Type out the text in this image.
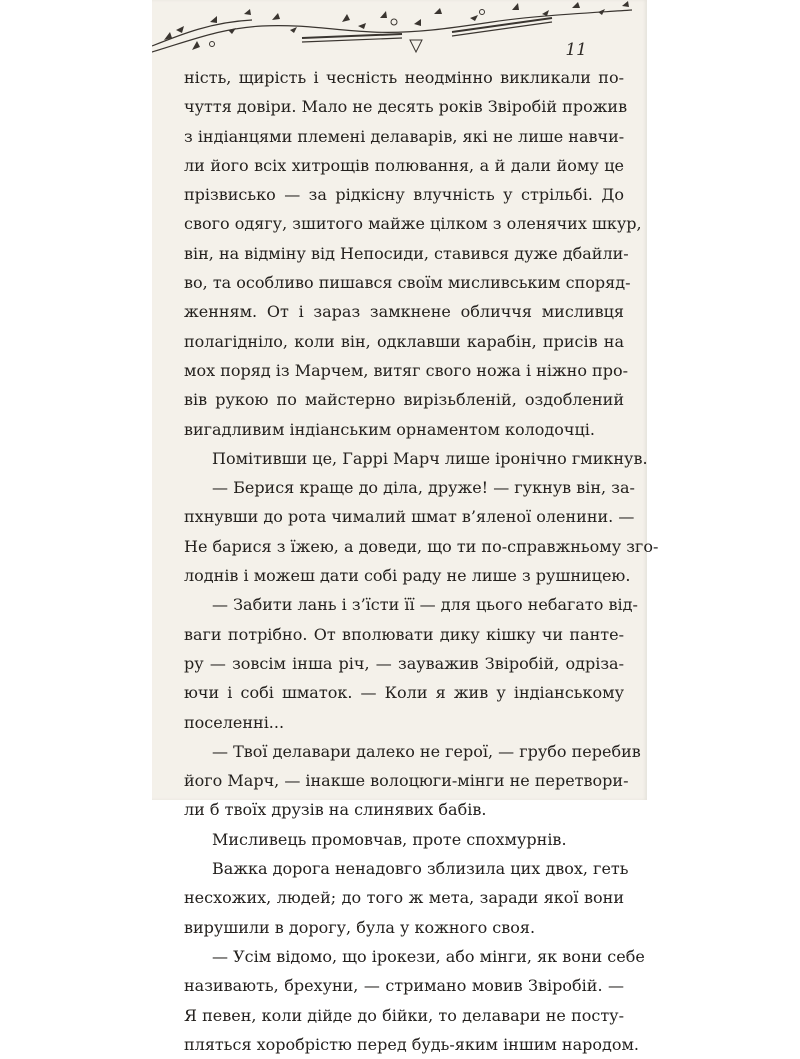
11
ність, щирість і чесність неодмінно викликали по-
чуття довіри. Мало не десять років Звіробій прожив
з індіанцями племені делаварів, які не лише навчи-
ли його всіх хитрощів полювання, а й дали йому це
прізвисько — за рідкісну влучність у стрільбі. До
свого одягу, зшитого майже цілком з оленячих шкур,
він, на відміну від Непосиди, ставився дуже дбайли-
во, та особливо пишався своїм мисливським споряд-
женням. От і зараз замкнене обличчя мисливця
полагідніло, коли він, одклавши карабін, присів на
мох поряд із Марчем, витяг свого ножа і ніжно про-
вів рукою по майстерно вирізьбленій, оздоблений
вигадливим індіанським орнаментом колодочці.
Помітивши це, Гаррі Марч лише іронічно гмикнув.
— Берися краще до діла, друже! — гукнув він, за-
пхнувши до рота чималий шмат в’яленої оленини. —
Не барися з їжею, а доведи, що ти по-справжньому зго-
лоднів і можеш дати собі раду не лише з рушницею.
— Забити лань і з’їсти її — для цього небагато від-
ваги потрібно. От вполювати дику кішку чи панте-
ру — зовсім інша річ, — зауважив Звіробій, одріза-
ючи і собі шматок. — Коли я жив у індіанському
поселенні...
— Твої делавари далеко не герої, — грубо перебив
його Марч, — інакше волоцюги-мінги не перетвори-
ли б твоїх друзів на слинявих бабів.
Мисливець промовчав, проте спохмурнів.
Важка дорога ненадовго зблизила цих двох, геть
несхожих, людей; до того ж мета, заради якої вони
вирушили в дорогу, була у кожного своя.
— Усім відомо, що ірокези, або мінги, як вони себе
називають, брехуни, — стримано мовив Звіробій. —
Я певен, коли дійде до бійки, то делавари не посту-
пляться хоробрістю перед будь-яким іншим народом.
